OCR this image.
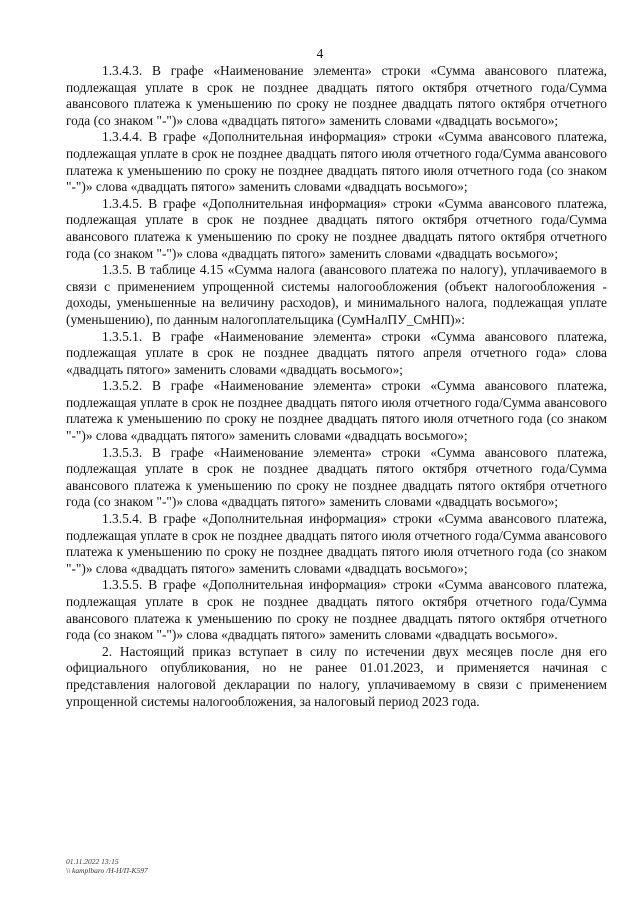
4

1.3.4.3. В графе «Наименование элемента» строки «Сумма авансового платежа, подлежащая уплате в срок не позднее двадцать пятого октября отчетного года/Сумма авансового платежа к уменьшению по сроку не позднее двадцать пятого октября отчетного года (со знаком "-")» слова «двадцать пятого» заменить словами «двадцать восьмого»;

1.3.4.4. В графе «Дополнительная информация» строки «Сумма авансового платежа, подлежащая уплате в срок не позднее двадцать пятого июля отчетного года/Сумма авансового платежа к уменьшению по сроку не позднее двадцать пятого июля отчетного года (со знаком "-")» слова «двадцать пятого» заменить словами «двадцать восьмого»;

1.3.4.5. В графе «Дополнительная информация» строки «Сумма авансового платежа, подлежащая уплате в срок не позднее двадцать пятого октября отчетного года/Сумма авансового платежа к уменьшению по сроку не позднее двадцать пятого октября отчетного года (со знаком "-")» слова «двадцать пятого» заменить словами «двадцать восьмого»;

1.3.5. В таблице 4.15 «Сумма налога (авансового платежа по налогу), уплачиваемого в связи с применением упрощенной системы налогообложения (объект налогообложения - доходы, уменьшенные на величину расходов), и минимального налога, подлежащая уплате (уменьшению), по данным налогоплательщика (СумНалПУ_СмНП)»:

1.3.5.1. В графе «Наименование элемента» строки «Сумма авансового платежа, подлежащая уплате в срок не позднее двадцать пятого апреля отчетного года» слова «двадцать пятого» заменить словами «двадцать восьмого»;

1.3.5.2. В графе «Наименование элемента» строки «Сумма авансового платежа, подлежащая уплате в срок не позднее двадцать пятого июля отчетного года/Сумма авансового платежа к уменьшению по сроку не позднее двадцать пятого июля отчетного года (со знаком "-")» слова «двадцать пятого» заменить словами «двадцать восьмого»;

1.3.5.3. В графе «Наименование элемента» строки «Сумма авансового платежа, подлежащая уплате в срок не позднее двадцать пятого октября отчетного года/Сумма авансового платежа к уменьшению по сроку не позднее двадцать пятого октября отчетного года (со знаком "-")» слова «двадцать пятого» заменить словами «двадцать восьмого»;

1.3.5.4. В графе «Дополнительная информация» строки «Сумма авансового платежа, подлежащая уплате в срок не позднее двадцать пятого июля отчетного года/Сумма авансового платежа к уменьшению по сроку не позднее двадцать пятого июля отчетного года (со знаком "-")» слова «двадцать пятого» заменить словами «двадцать восьмого»;

1.3.5.5. В графе «Дополнительная информация» строки «Сумма авансового платежа, подлежащая уплате в срок не позднее двадцать пятого октября отчетного года/Сумма авансового платежа к уменьшению по сроку не позднее двадцать пятого октября отчетного года (со знаком "-")» слова «двадцать пятого» заменить словами «двадцать восьмого».

2. Настоящий приказ вступает в силу по истечении двух месяцев после дня его официального опубликования, но не ранее 01.01.2023, и применяется начиная с представления налоговой декларации по налогу, уплачиваемому в связи с применением упрощенной системы налогообложения, за налоговый период 2023 года.

01.11.2022 13:15
\\ kamplbaro /Н-Н/П-К597
